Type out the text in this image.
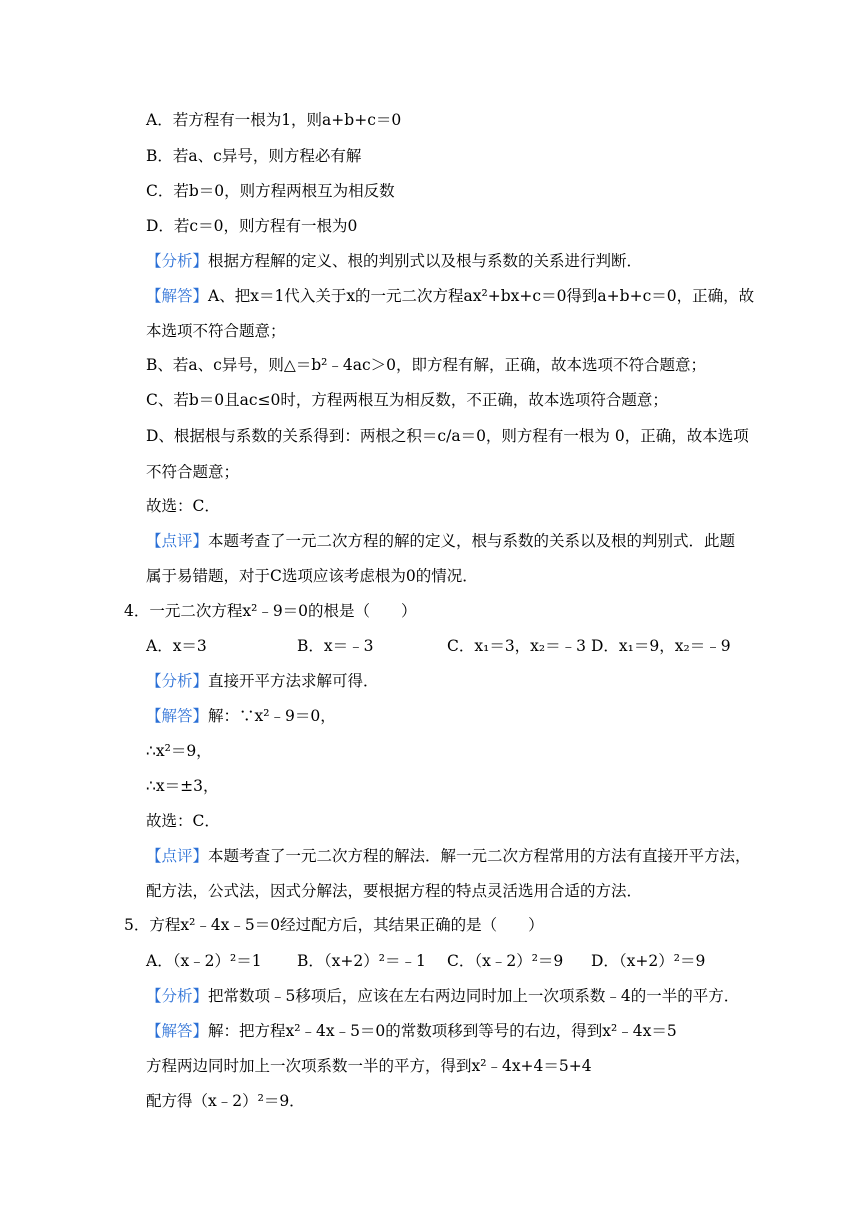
A．若方程有一根为1，则a+b+c＝0
B．若a、c异号，则方程必有解
C．若b＝0，则方程两根互为相反数
D．若c＝0，则方程有一根为0
【分析】根据方程解的定义、根的判别式以及根与系数的关系进行判断．
【解答】A、把x＝1代入关于x的一元二次方程ax²+bx+c＝0得到a+b+c＝0，正确，故
本选项不符合题意；
B、若a、c异号，则△＝b²﹣4ac＞0，即方程有解，正确，故本选项不符合题意；
C、若b＝0且ac≤0时，方程两根互为相反数，不正确，故本选项符合题意；
D、根据根与系数的关系得到：两根之积＝c/a＝0，则方程有一根为 0，正确，故本选项
不符合题意；
故选：C．
【点评】本题考查了一元二次方程的解的定义，根与系数的关系以及根的判别式．此题
属于易错题，对于C选项应该考虑根为0的情况．
4．一元二次方程x²﹣9＝0的根是（　　）
A．x＝3	B．x＝﹣3	C．x₁＝3，x₂＝﹣3 D．x₁＝9，x₂＝﹣9
【分析】直接开平方法求解可得．
【解答】解：∵x²﹣9＝0，
∴x²＝9，
∴x＝±3，
故选：C．
【点评】本题考查了一元二次方程的解法．解一元二次方程常用的方法有直接开平方法，
配方法，公式法，因式分解法，要根据方程的特点灵活选用合适的方法．
5．方程x²﹣4x﹣5＝0经过配方后，其结果正确的是（　　）
A．（x﹣2）²＝1 B．（x+2）²＝﹣1 C．（x﹣2）²＝9 D．（x+2）²＝9
【分析】把常数项﹣5移项后，应该在左右两边同时加上一次项系数﹣4的一半的平方．
【解答】解：把方程x²﹣4x﹣5＝0的常数项移到等号的右边，得到x²﹣4x＝5
方程两边同时加上一次项系数一半的平方，得到x²﹣4x+4＝5+4
配方得（x﹣2）²＝9．
